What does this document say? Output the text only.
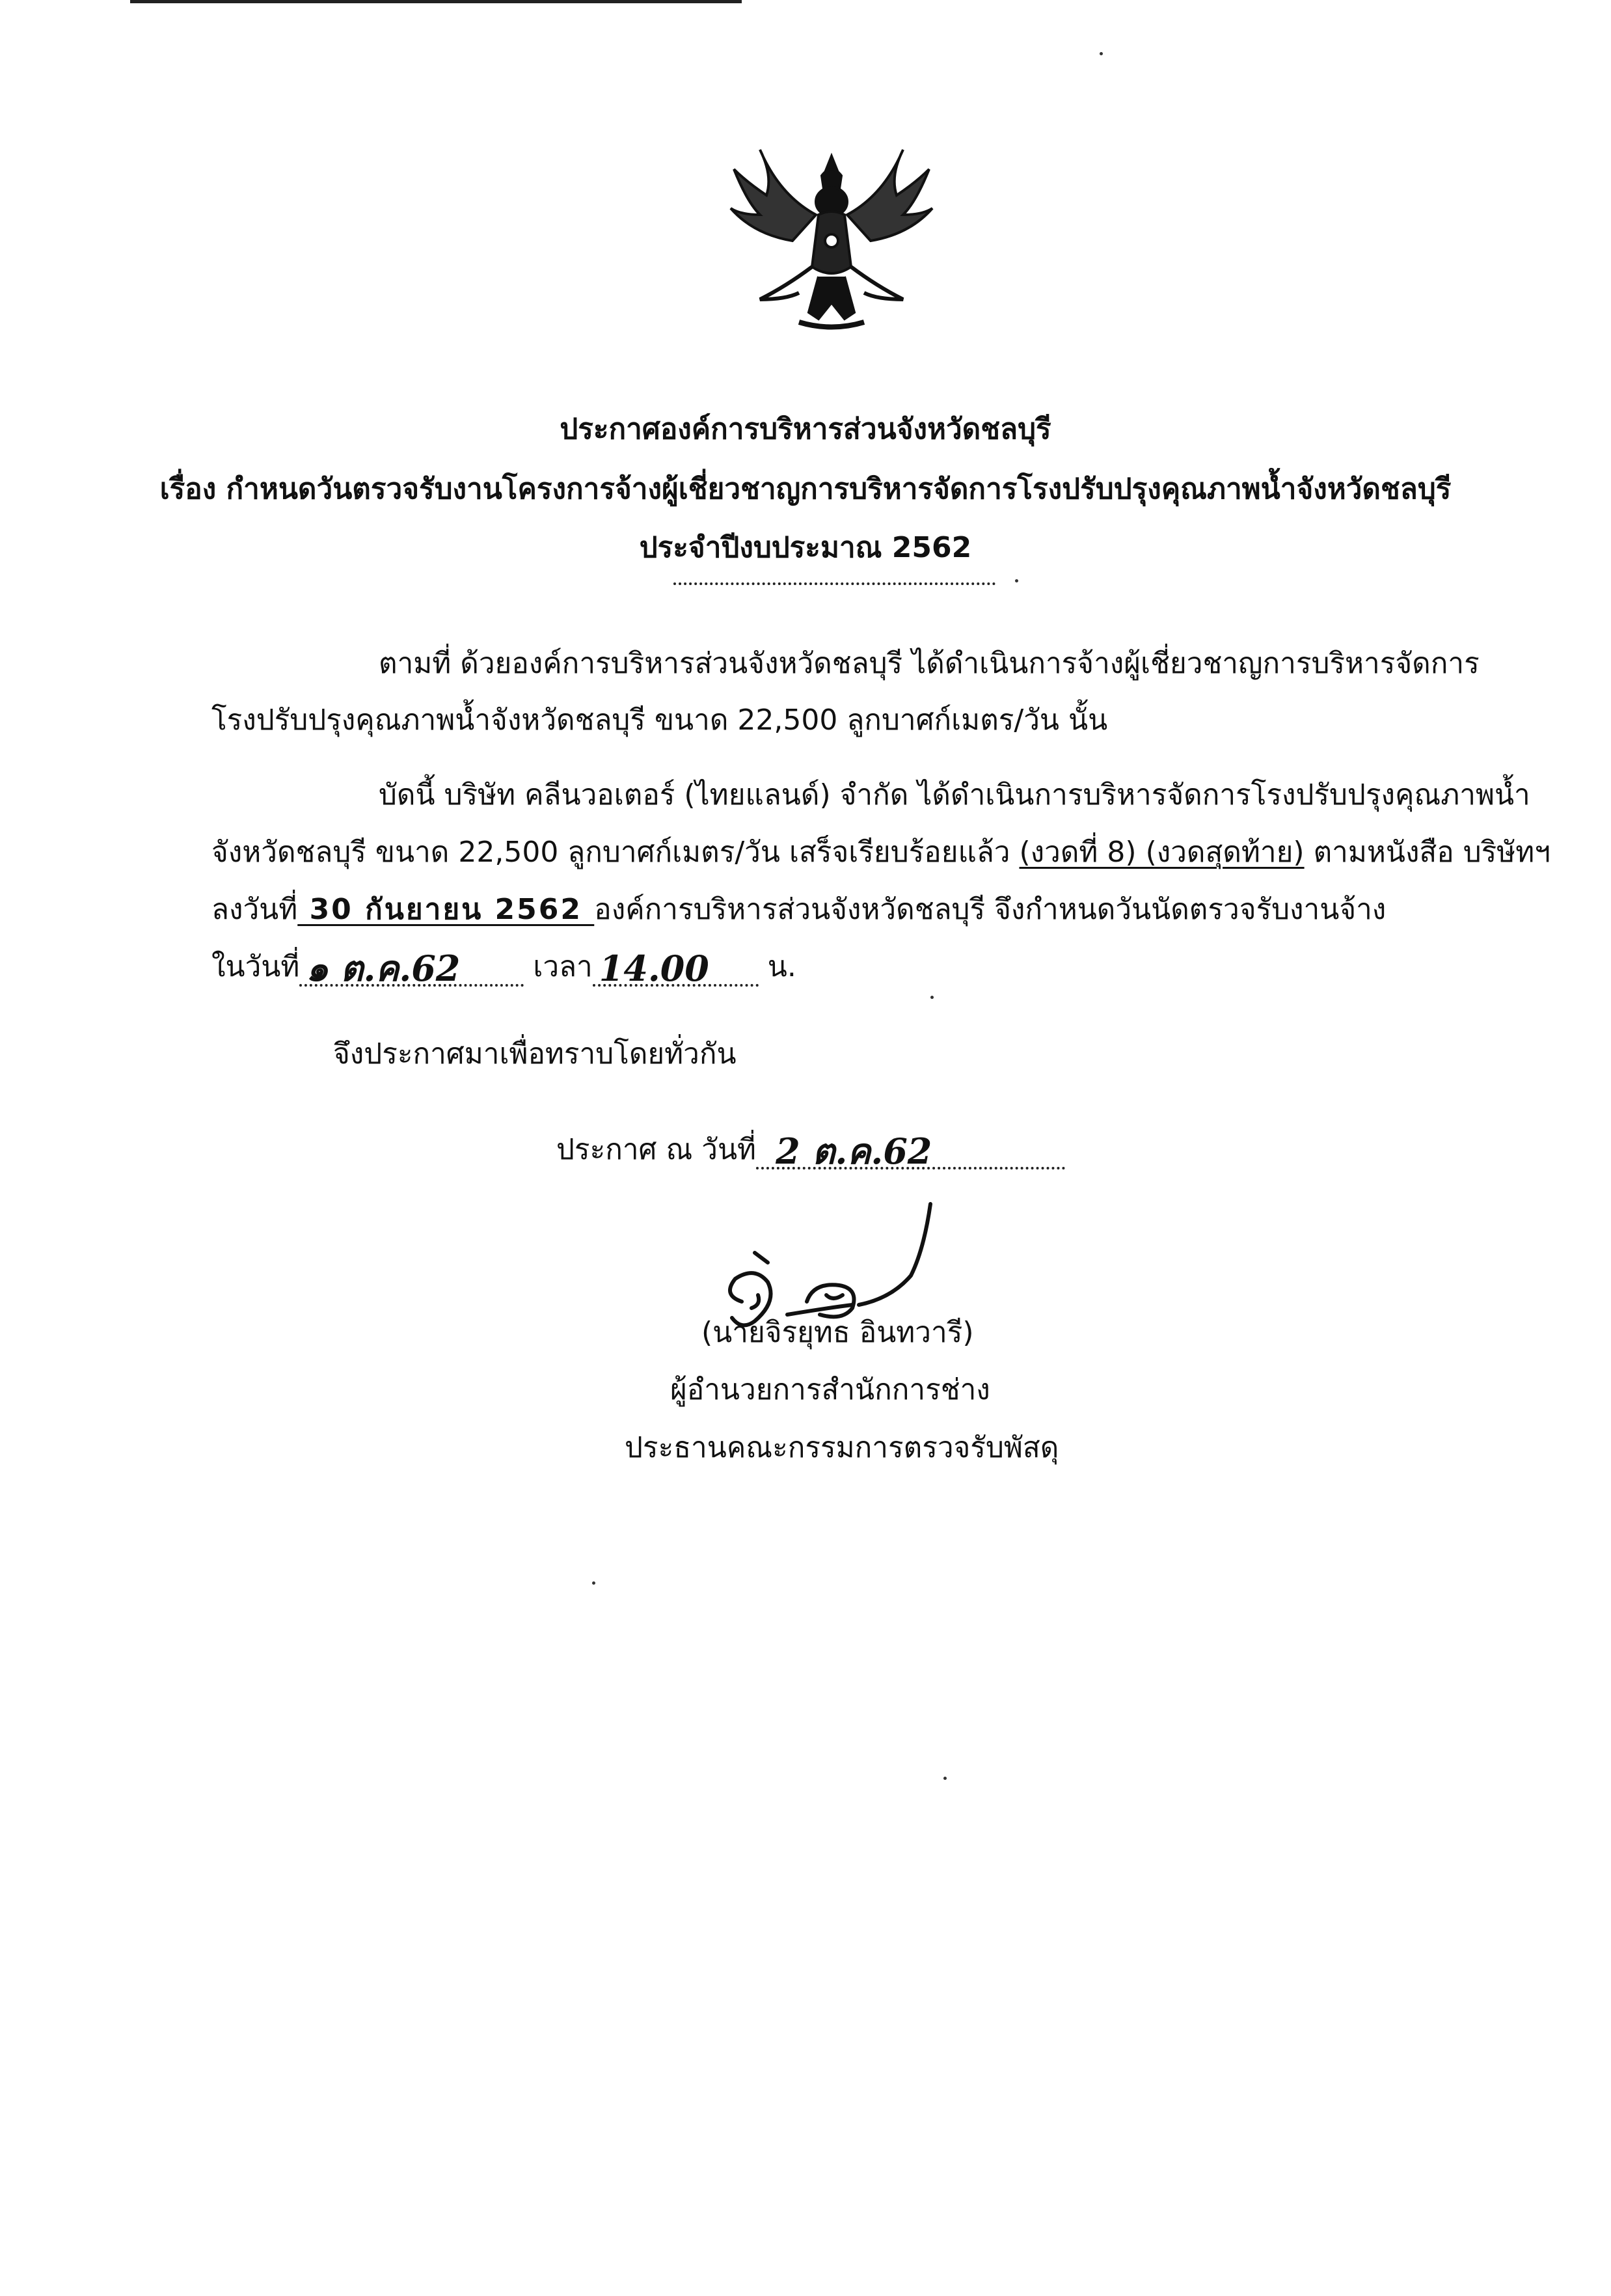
ประกาศองค์การบริหารส่วนจังหวัดชลบุรี
เรื่อง กำหนดวันตรวจรับงานโครงการจ้างผู้เชี่ยวชาญการบริหารจัดการโรงปรับปรุงคุณภาพน้ำจังหวัดชลบุรี
ประจำปีงบประมาณ 2562
ตามที่ ด้วยองค์การบริหารส่วนจังหวัดชลบุรี ได้ดำเนินการจ้างผู้เชี่ยวชาญการบริหารจัดการ
โรงปรับปรุงคุณภาพน้ำจังหวัดชลบุรี ขนาด 22,500 ลูกบาศก์เมตร/วัน นั้น
บัดนี้ บริษัท คลีนวอเตอร์ (ไทยแลนด์) จำกัด ได้ดำเนินการบริหารจัดการโรงปรับปรุงคุณภาพน้ำ
จังหวัดชลบุรี ขนาด 22,500 ลูกบาศก์เมตร/วัน เสร็จเรียบร้อยแล้ว (งวดที่ 8) (งวดสุดท้าย) ตามหนังสือ บริษัทฯ
ลงวันที่ 30 กันยายน 2562 องค์การบริหารส่วนจังหวัดชลบุรี จึงกำหนดวันนัดตรวจรับงานจ้าง
ในวันที่ ๑ ต.ค.62 เวลา 14.00 น.
จึงประกาศมาเพื่อทราบโดยทั่วกัน
ประกาศ ณ วันที่ 2 ต.ค.62
(นายจิรยุทธ อินทวารี)
ผู้อำนวยการสำนักการช่าง
ประธานคณะกรรมการตรวจรับพัสดุ
